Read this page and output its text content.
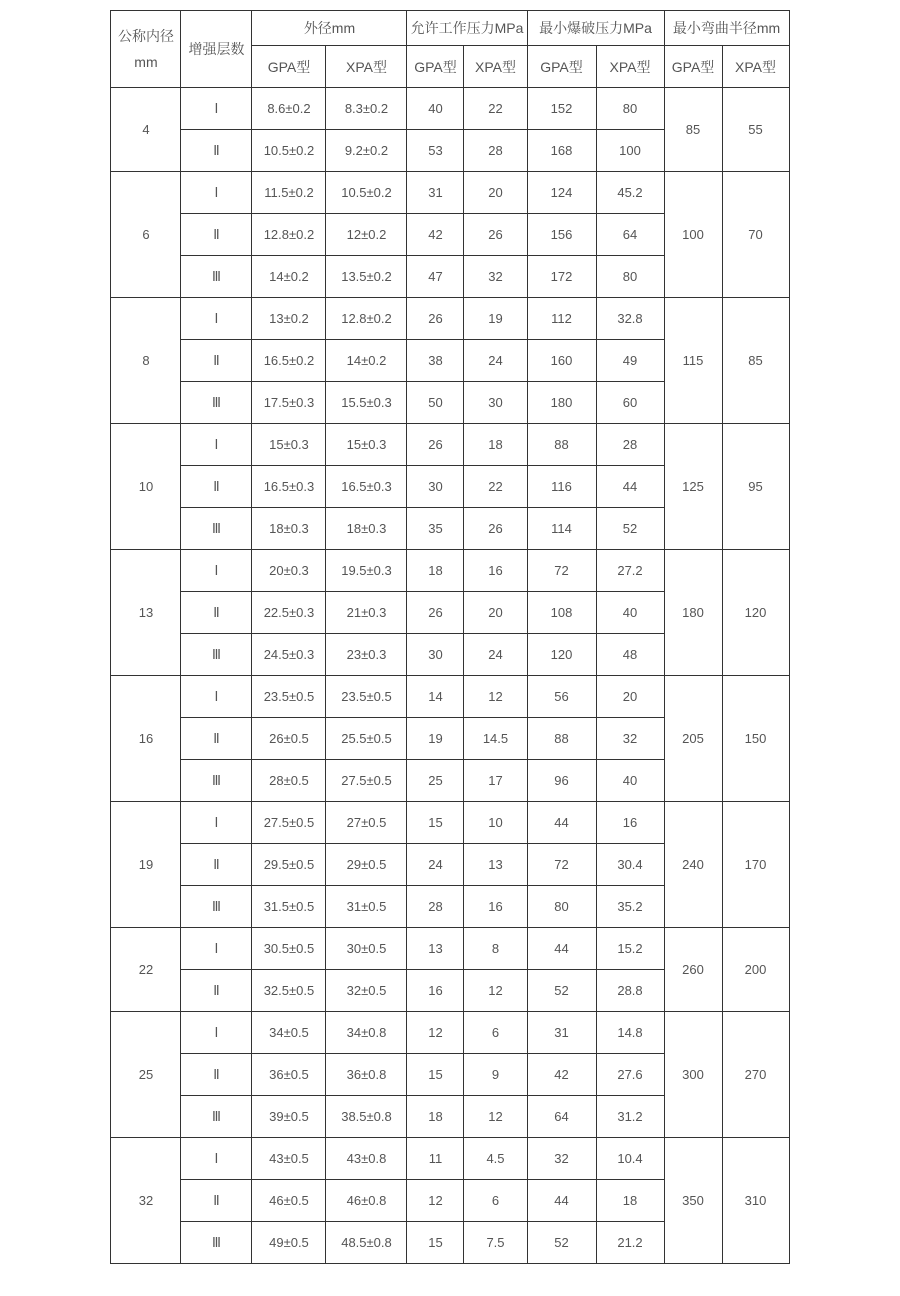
公称内径
mm	增强层数	外径mm		允许工作压力MPa		最小爆破压力MPa		最小弯曲半径mm	
		GPA型	XPA型	GPA型	XPA型	GPA型	XPA型	GPA型	XPA型
4	Ⅰ	8.6±0.2	8.3±0.2	40	22	152	80	85	55
	Ⅱ	10.5±0.2	9.2±0.2	53	28	168	100		
6	Ⅰ	11.5±0.2	10.5±0.2	31	20	124	45.2	100	70
	Ⅱ	12.8±0.2	12±0.2	42	26	156	64		
	Ⅲ	14±0.2	13.5±0.2	47	32	172	80		
8	Ⅰ	13±0.2	12.8±0.2	26	19	112	32.8	115	85
	Ⅱ	16.5±0.2	14±0.2	38	24	160	49		
	Ⅲ	17.5±0.3	15.5±0.3	50	30	180	60		
10	Ⅰ	15±0.3	15±0.3	26	18	88	28	125	95
	Ⅱ	16.5±0.3	16.5±0.3	30	22	116	44		
	Ⅲ	18±0.3	18±0.3	35	26	114	52		
13	Ⅰ	20±0.3	19.5±0.3	18	16	72	27.2	180	120
	Ⅱ	22.5±0.3	21±0.3	26	20	108	40		
	Ⅲ	24.5±0.3	23±0.3	30	24	120	48		
16	Ⅰ	23.5±0.5	23.5±0.5	14	12	56	20	205	150
	Ⅱ	26±0.5	25.5±0.5	19	14.5	88	32		
	Ⅲ	28±0.5	27.5±0.5	25	17	96	40		
19	Ⅰ	27.5±0.5	27±0.5	15	10	44	16	240	170
	Ⅱ	29.5±0.5	29±0.5	24	13	72	30.4		
	Ⅲ	31.5±0.5	31±0.5	28	16	80	35.2		
22	Ⅰ	30.5±0.5	30±0.5	13	8	44	15.2	260	200
	Ⅱ	32.5±0.5	32±0.5	16	12	52	28.8		
25	Ⅰ	34±0.5	34±0.8	12	6	31	14.8	300	270
	Ⅱ	36±0.5	36±0.8	15	9	42	27.6		
	Ⅲ	39±0.5	38.5±0.8	18	12	64	31.2		
32	Ⅰ	43±0.5	43±0.8	11	4.5	32	10.4	350	310
	Ⅱ	46±0.5	46±0.8	12	6	44	18		
	Ⅲ	49±0.5	48.5±0.8	15	7.5	52	21.2		
